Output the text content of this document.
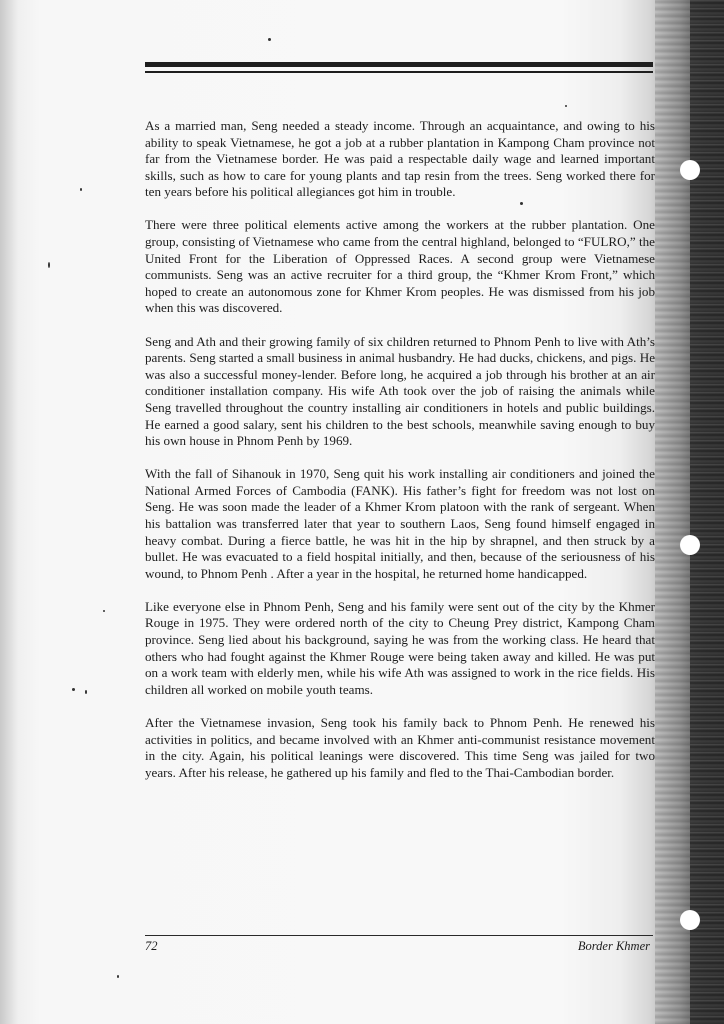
As a married man, Seng needed a steady income. Through an acquaintance, and owing to his ability to speak Vietnamese, he got a job at a rubber plantation in Kampong Cham province not far from the Vietnamese border. He was paid a respectable daily wage and learned important skills, such as how to care for young plants and tap resin from the trees. Seng worked there for ten years before his political allegiances got him in trouble.

There were three political elements active among the workers at the rubber plantation. One group, consisting of Vietnamese who came from the central highland, belonged to “FULRO,” the United Front for the Liberation of Oppressed Races. A second group were Vietnamese communists. Seng was an active recruiter for a third group, the “Khmer Krom Front,” which hoped to create an autonomous zone for Khmer Krom peoples. He was dismissed from his job when this was discovered.

Seng and Ath and their growing family of six children returned to Phnom Penh to live with Ath’s parents. Seng started a small business in animal husbandry. He had ducks, chickens, and pigs. He was also a successful money-lender. Before long, he acquired a job through his brother at an air conditioner installation company. His wife Ath took over the job of raising the animals while Seng travelled throughout the country installing air conditioners in hotels and public buildings. He earned a good salary, sent his children to the best schools, meanwhile saving enough to buy his own house in Phnom Penh by 1969.

With the fall of Sihanouk in 1970, Seng quit his work installing air conditioners and joined the National Armed Forces of Cambodia (FANK). His father’s fight for freedom was not lost on Seng. He was soon made the leader of a Khmer Krom platoon with the rank of sergeant. When his battalion was transferred later that year to southern Laos, Seng found himself engaged in heavy combat. During a fierce battle, he was hit in the hip by shrapnel, and then struck by a bullet. He was evacuated to a field hospital initially, and then, because of the seriousness of his wound, to Phnom Penh . After a year in the hospital, he returned home handicapped.

Like everyone else in Phnom Penh, Seng and his family were sent out of the city by the Khmer Rouge in 1975. They were ordered north of the city to Cheung Prey district, Kampong Cham province. Seng lied about his background, saying he was from the working class. He heard that others who had fought against the Khmer Rouge were being taken away and killed. He was put on a work team with elderly men, while his wife Ath was assigned to work in the rice fields. His children all worked on mobile youth teams.

After the Vietnamese invasion, Seng took his family back to Phnom Penh. He renewed his activities in politics, and became involved with an Khmer anti-communist resistance movement in the city. Again, his political leanings were discovered. This time Seng was jailed for two years. After his release, he gathered up his family and fled to the Thai-Cambodian border.

72	Border Khmer
